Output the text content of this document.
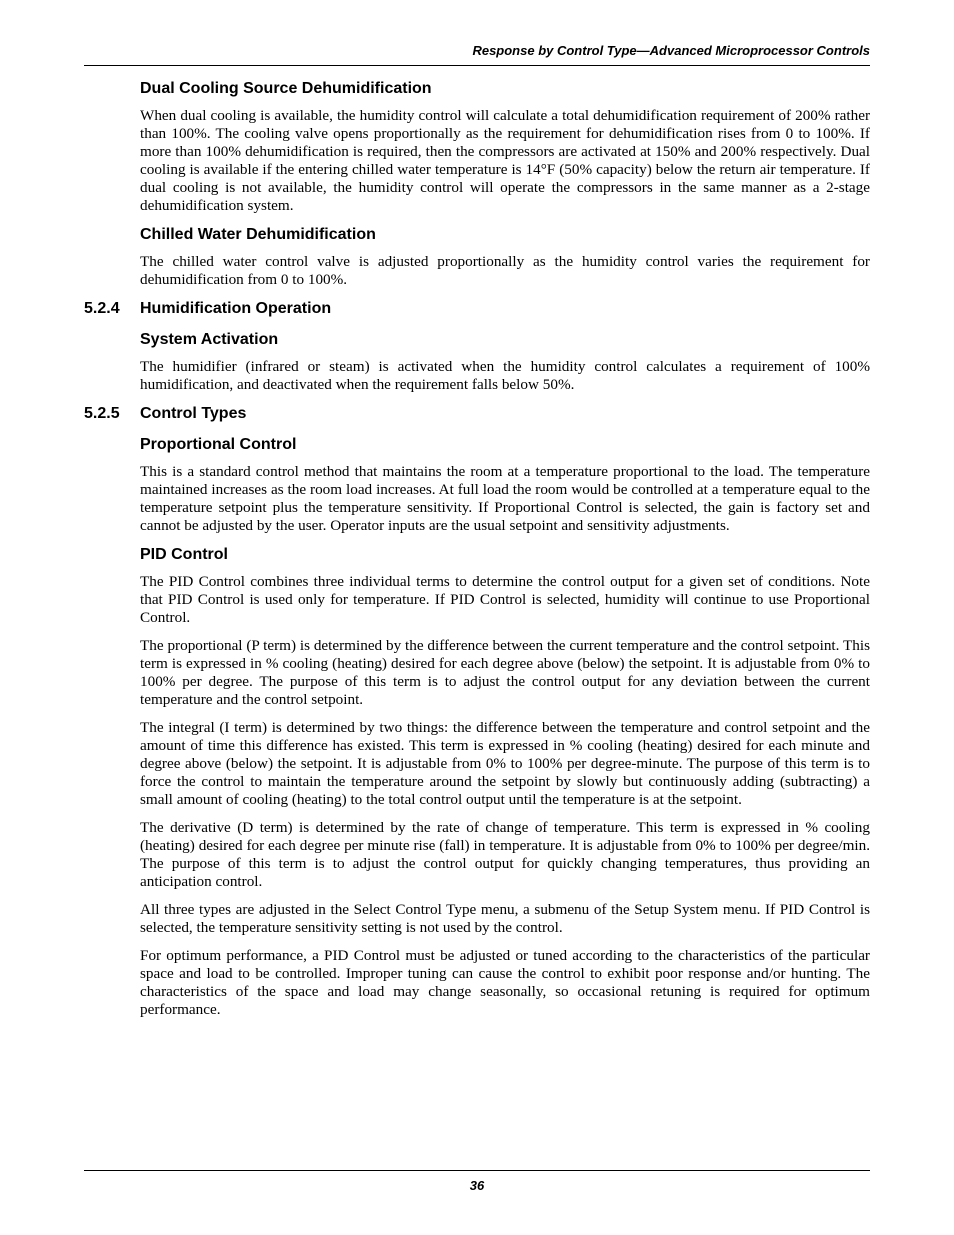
Response by Control Type—Advanced Microprocessor Controls
Dual Cooling Source Dehumidification

When dual cooling is available, the humidity control will calculate a total dehumidification requirement of 200% rather than 100%. The cooling valve opens proportionally as the requirement for dehumidification rises from 0 to 100%. If more than 100% dehumidification is required, then the compressors are activated at 150% and 200% respectively. Dual cooling is available if the entering chilled water temperature is 14°F (50% capacity) below the return air temperature. If dual cooling is not available, the humidity control will operate the compressors in the same manner as a 2-stage dehumidification system.

Chilled Water Dehumidification

The chilled water control valve is adjusted proportionally as the humidity control varies the requirement for dehumidification from 0 to 100%.

5.2.4	Humidification Operation
System Activation

The humidifier (infrared or steam) is activated when the humidity control calculates a requirement of 100% humidification, and deactivated when the requirement falls below 50%.

5.2.5	Control Types
Proportional Control

This is a standard control method that maintains the room at a temperature proportional to the load. The temperature maintained increases as the room load increases. At full load the room would be controlled at a temperature equal to the temperature setpoint plus the temperature sensitivity. If Proportional Control is selected, the gain is factory set and cannot be adjusted by the user. Operator inputs are the usual setpoint and sensitivity adjustments.

PID Control

The PID Control combines three individual terms to determine the control output for a given set of conditions. Note that PID Control is used only for temperature. If PID Control is selected, humidity will continue to use Proportional Control.

The proportional (P term) is determined by the difference between the current temperature and the control setpoint. This term is expressed in % cooling (heating) desired for each degree above (below) the setpoint. It is adjustable from 0% to 100% per degree. The purpose of this term is to adjust the control output for any deviation between the current temperature and the control setpoint.

The integral (I term) is determined by two things: the difference between the temperature and control setpoint and the amount of time this difference has existed. This term is expressed in % cooling (heating) desired for each minute and degree above (below) the setpoint. It is adjustable from 0% to 100% per degree-minute. The purpose of this term is to force the control to maintain the temperature around the setpoint by slowly but continuously adding (subtracting) a small amount of cooling (heating) to the total control output until the temperature is at the setpoint.

The derivative (D term) is determined by the rate of change of temperature. This term is expressed in % cooling (heating) desired for each degree per minute rise (fall) in temperature. It is adjustable from 0% to 100% per degree/min. The purpose of this term is to adjust the control output for quickly changing temperatures, thus providing an anticipation control.

All three types are adjusted in the Select Control Type menu, a submenu of the Setup System menu. If PID Control is selected, the temperature sensitivity setting is not used by the control.

For optimum performance, a PID Control must be adjusted or tuned according to the characteristics of the particular space and load to be controlled. Improper tuning can cause the control to exhibit poor response and/or hunting. The characteristics of the space and load may change seasonally, so occasional retuning is required for optimum performance.

36
